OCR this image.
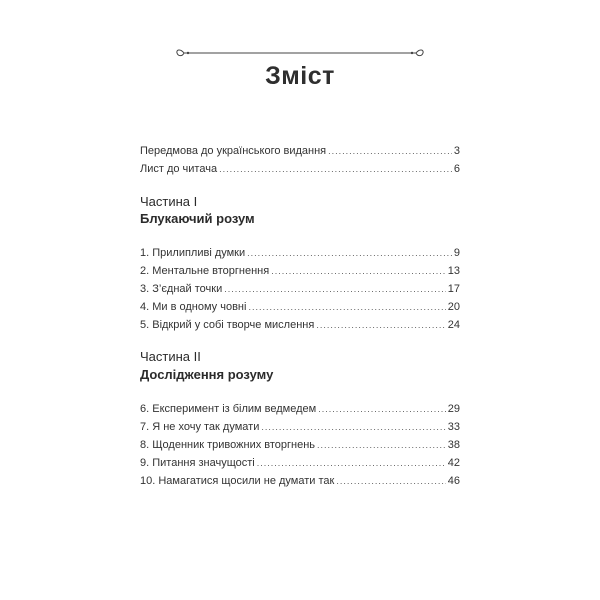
Зміст
Передмова до українського видання .....	3
Лист до читача .....	6
Частина I
Блукаючий розум
1. Прилипливі думки .....	9
2. Ментальне вторгнення .....	13
3. З’єднай точки .....	17
4. Ми в одному човні .....	20
5. Відкрий у собі творче мислення .....	24
Частина II
Дослідження розуму
6. Експеримент із білим ведмедем .....	29
7. Я не хочу так думати .....	33
8. Щоденник тривожних вторгнень .....	38
9. Питання значущості .....	42
10. Намагатися щосили не думати так .....	46
